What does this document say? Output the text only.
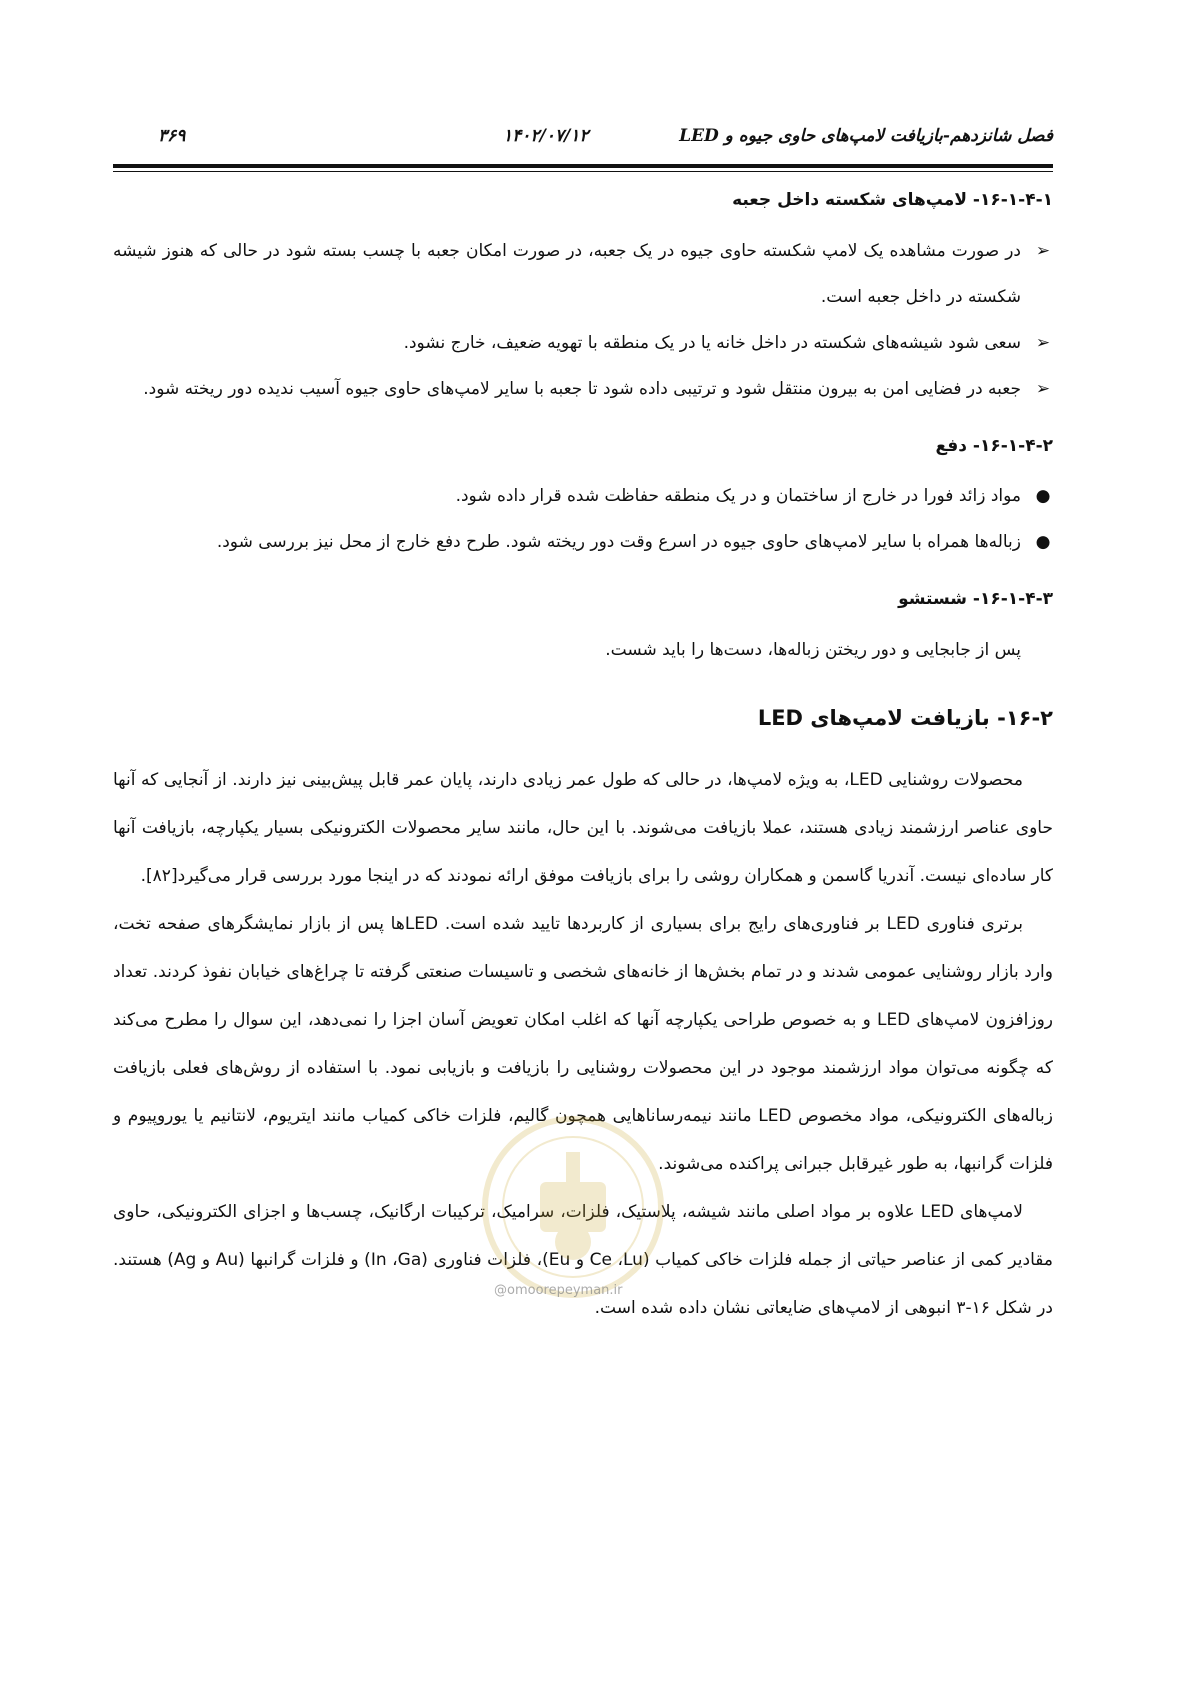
فصل شانزدهم-بازیافت لامپ‌های حاوی جیوه و LED
۱۴۰۲/۰۷/۱۲
۳۶۹
۱۶-۱-۴-۱- لامپ‌های شکسته داخل جعبه
➢
در صورت مشاهده یک لامپ شکسته حاوی جیوه در یک جعبه، در صورت امکان جعبه با چسب بسته شود در حالی که هنوز شیشه شکسته در داخل جعبه است.
➢
سعی شود شیشه‌های شکسته در داخل خانه یا در یک منطقه با تهویه ضعیف، خارج نشود.
➢
جعبه در فضایی امن به بیرون منتقل شود و ترتیبی داده شود تا جعبه با سایر لامپ‌های حاوی جیوه آسیب ندیده دور ریخته شود.
۱۶-۱-۴-۲- دفع
●
مواد زائد فورا در خارج از ساختمان و در یک منطقه حفاظت شده قرار داده شود.
●
زباله‌ها همراه با سایر لامپ‌های حاوی جیوه در اسرع وقت دور ریخته شود. طرح دفع خارج از محل نیز بررسی شود.
۱۶-۱-۴-۳- شستشو

پس از جابجایی و دور ریختن زباله‌ها، دست‌ها را باید شست.

۱۶-۲- بازیافت لامپ‌های LED

محصولات روشنایی LED، به ویژه لامپ‌ها، در حالی که طول عمر زیادی دارند، پایان عمر قابل پیش‌بینی نیز دارند. از آنجایی که آنها حاوی عناصر ارزشمند زیادی هستند، عملا بازیافت می‌شوند. با این حال، مانند سایر محصولات الکترونیکی بسیار یکپارچه، بازیافت آنها کار ساده‌ای نیست. آندریا گاسمن و همکاران روشی را برای بازیافت موفق ارائه نمودند که در اینجا مورد بررسی قرار می‌گیرد[۸۲].

برتری فناوری LED بر فناوری‌های رایج برای بسیاری از کاربردها تایید شده است. LEDها پس از بازار نمایشگرهای صفحه تخت، وارد بازار روشنایی عمومی شدند و در تمام بخش‌ها از خانه‌های شخصی و تاسیسات صنعتی گرفته تا چراغ‌های خیابان نفوذ کردند. تعداد روزافزون لامپ‌های LED و به خصوص طراحی یکپارچه آنها که اغلب امکان تعویض آسان اجزا را نمی‌دهد، این سوال را مطرح می‌کند که چگونه می‌توان مواد ارزشمند موجود در این محصولات روشنایی را بازیافت و بازیابی نمود. با استفاده از روش‌های فعلی بازیافت زباله‌های الکترونیکی، مواد مخصوص LED مانند نیمه‌رساناهایی همچون گالیم، فلزات خاکی کمیاب مانند ایتریوم، لانتانیم یا یوروپیوم و فلزات گرانبها، به طور غیرقابل جبرانی پراکنده می‌شوند.

لامپ‌های LED علاوه بر مواد اصلی مانند شیشه، پلاستیک، فلزات، سرامیک، ترکیبات ارگانیک، چسب‌ها و اجزای الکترونیکی، حاوی مقادیر کمی از عناصر حیاتی از جمله فلزات خاکی کمیاب (Ce ،Lu و Eu)، فلزات فناوری (In ،Ga) و فلزات گرانبها (Au و Ag) هستند. در شکل ۱۶-۳ انبوهی از لامپ‌های ضایعاتی نشان داده شده است.

@omoorepeyman.ir
